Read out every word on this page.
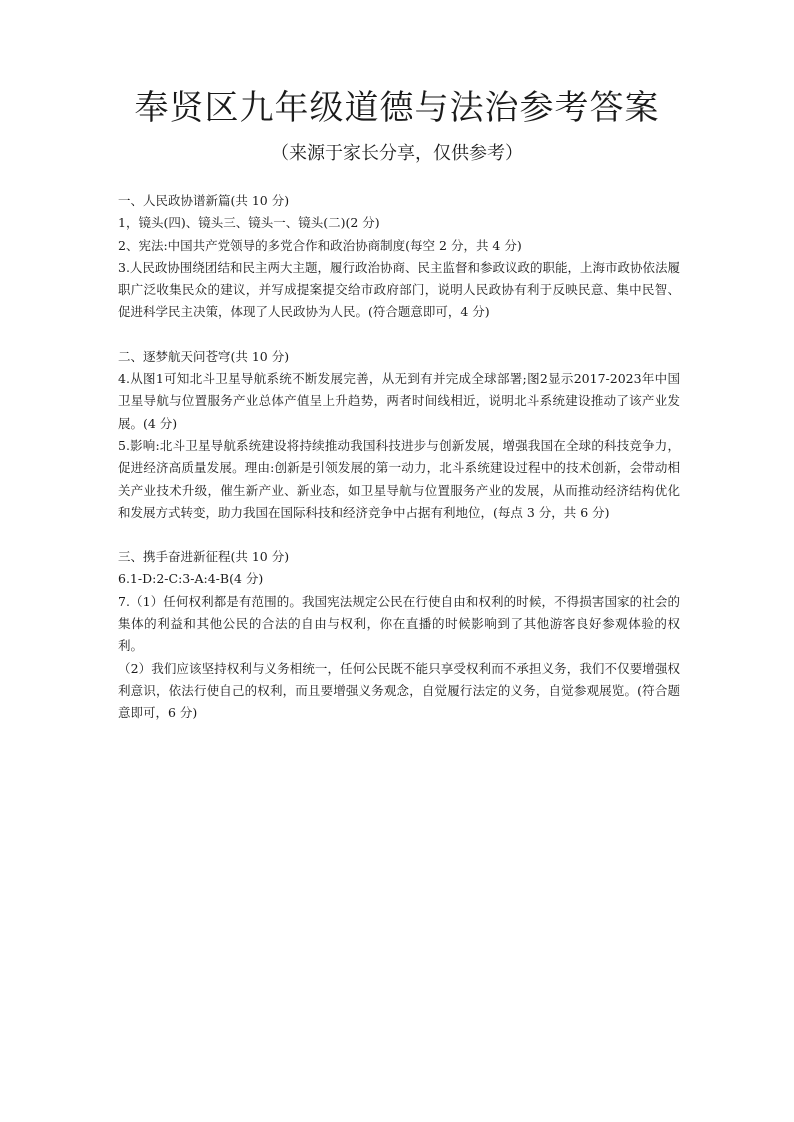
奉贤区九年级道德与法治参考答案
（来源于家长分享，仅供参考）

一、人民政协谱新篇(共 10 分)

1，镜头(四)、镜头三、镜头一、镜头(二)(2 分)

2、宪法:中国共产党领导的多党合作和政治协商制度(每空 2 分，共 4 分)

3.人民政协围绕团结和民主两大主题，履行政治协商、民主监督和参政议政的职能，上海市政协依法履职广泛收集民众的建议，并写成提案提交给市政府部门，说明人民政协有利于反映民意、集中民智、促进科学民主决策，体现了人民政协为人民。(符合题意即可，4 分)

二、逐梦航天问苍穹(共 10 分)

4.从图1可知北斗卫星导航系统不断发展完善，从无到有并完成全球部署;图2显示2017-2023年中国卫星导航与位置服务产业总体产值呈上升趋势，两者时间线相近，说明北斗系统建设推动了该产业发展。(4 分)

5.影响:北斗卫星导航系统建设将持续推动我国科技进步与创新发展，增强我国在全球的科技竞争力，促进经济高质量发展。理由:创新是引领发展的第一动力，北斗系统建设过程中的技术创新，会带动相关产业技术升级，催生新产业、新业态，如卫星导航与位置服务产业的发展，从而推动经济结构优化和发展方式转变，助力我国在国际科技和经济竞争中占据有利地位，(每点 3 分，共 6 分)

三、携手奋进新征程(共 10 分)

6.1-D:2-C:3-A:4-B(4 分)

7.（1）任何权利都是有范围的。我国宪法规定公民在行使自由和权利的时候，不得损害国家的社会的集体的利益和其他公民的合法的自由与权利，你在直播的时候影响到了其他游客良好参观体验的权利。

（2）我们应该坚持权利与义务相统一，任何公民既不能只享受权利而不承担义务，我们不仅要增强权利意识，依法行使自己的权利，而且要增强义务观念，自觉履行法定的义务，自觉参观展览。(符合题意即可，6 分)
